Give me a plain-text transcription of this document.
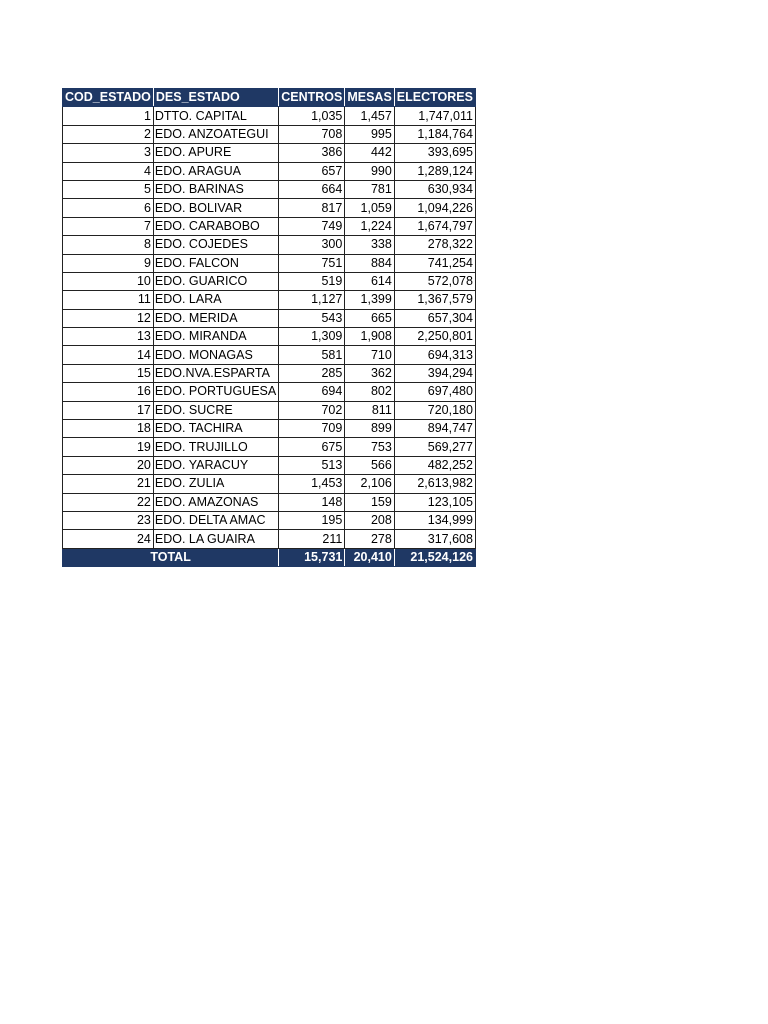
COD_ESTADO	DES_ESTADO	CENTROS	MESAS	ELECTORES
1	DTTO. CAPITAL	1,035	1,457	1,747,011
2	EDO. ANZOATEGUI	708	995	1,184,764
3	EDO. APURE	386	442	393,695
4	EDO. ARAGUA	657	990	1,289,124
5	EDO. BARINAS	664	781	630,934
6	EDO. BOLIVAR	817	1,059	1,094,226
7	EDO. CARABOBO	749	1,224	1,674,797
8	EDO. COJEDES	300	338	278,322
9	EDO. FALCON	751	884	741,254
10	EDO. GUARICO	519	614	572,078
11	EDO. LARA	1,127	1,399	1,367,579
12	EDO. MERIDA	543	665	657,304
13	EDO. MIRANDA	1,309	1,908	2,250,801
14	EDO. MONAGAS	581	710	694,313
15	EDO.NVA.ESPARTA	285	362	394,294
16	EDO. PORTUGUESA	694	802	697,480
17	EDO. SUCRE	702	811	720,180
18	EDO. TACHIRA	709	899	894,747
19	EDO. TRUJILLO	675	753	569,277
20	EDO. YARACUY	513	566	482,252
21	EDO. ZULIA	1,453	2,106	2,613,982
22	EDO. AMAZONAS	148	159	123,105
23	EDO. DELTA AMAC	195	208	134,999
24	EDO. LA GUAIRA	211	278	317,608
TOTAL		15,731	20,410	21,524,126
